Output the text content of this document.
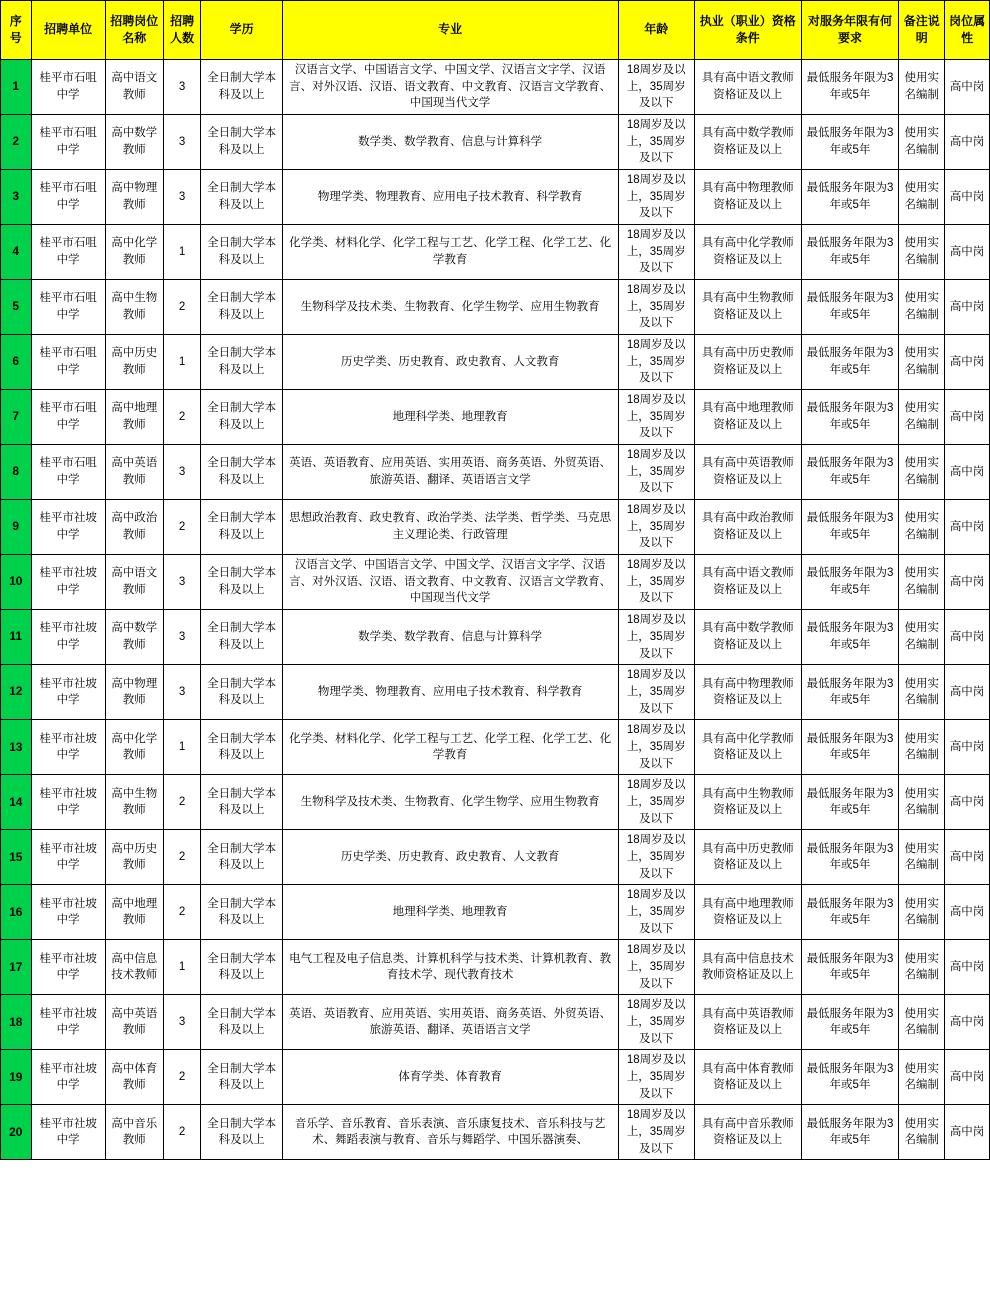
序号	招聘单位	招聘岗位名称	招聘人数	学历	专业	年龄	执业（职业）资格条件	对服务年限有何要求	备注说明	岗位属性
1	桂平市石咀中学	高中语文教师	3	全日制大学本科及以上	汉语言文学、中国语言文学、中国文学、汉语言文字学、汉语言、对外汉语、汉语、语文教育、中文教育、汉语言文学教育、中国现当代文学	18周岁及以上，35周岁及以下	具有高中语文教师资格证及以上	最低服务年限为3年或5年	使用实名编制	高中岗
2	桂平市石咀中学	高中数学教师	3	全日制大学本科及以上	数学类、数学教育、信息与计算科学	18周岁及以上，35周岁及以下	具有高中数学教师资格证及以上	最低服务年限为3年或5年	使用实名编制	高中岗
3	桂平市石咀中学	高中物理教师	3	全日制大学本科及以上	物理学类、物理教育、应用电子技术教育、科学教育	18周岁及以上，35周岁及以下	具有高中物理教师资格证及以上	最低服务年限为3年或5年	使用实名编制	高中岗
4	桂平市石咀中学	高中化学教师	1	全日制大学本科及以上	化学类、材料化学、化学工程与工艺、化学工程、化学工艺、化学教育	18周岁及以上，35周岁及以下	具有高中化学教师资格证及以上	最低服务年限为3年或5年	使用实名编制	高中岗
5	桂平市石咀中学	高中生物教师	2	全日制大学本科及以上	生物科学及技术类、生物教育、化学生物学、应用生物教育	18周岁及以上，35周岁及以下	具有高中生物教师资格证及以上	最低服务年限为3年或5年	使用实名编制	高中岗
6	桂平市石咀中学	高中历史教师	1	全日制大学本科及以上	历史学类、历史教育、政史教育、人文教育	18周岁及以上，35周岁及以下	具有高中历史教师资格证及以上	最低服务年限为3年或5年	使用实名编制	高中岗
7	桂平市石咀中学	高中地理教师	2	全日制大学本科及以上	地理科学类、地理教育	18周岁及以上，35周岁及以下	具有高中地理教师资格证及以上	最低服务年限为3年或5年	使用实名编制	高中岗
8	桂平市石咀中学	高中英语教师	3	全日制大学本科及以上	英语、英语教育、应用英语、实用英语、商务英语、外贸英语、旅游英语、翻译、英语语言文学	18周岁及以上，35周岁及以下	具有高中英语教师资格证及以上	最低服务年限为3年或5年	使用实名编制	高中岗
9	桂平市社坡中学	高中政治教师	2	全日制大学本科及以上	思想政治教育、政史教育、政治学类、法学类、哲学类、马克思主义理论类、行政管理	18周岁及以上，35周岁及以下	具有高中政治教师资格证及以上	最低服务年限为3年或5年	使用实名编制	高中岗
10	桂平市社坡中学	高中语文教师	3	全日制大学本科及以上	汉语言文学、中国语言文学、中国文学、汉语言文字学、汉语言、对外汉语、汉语、语文教育、中文教育、汉语言文学教育、中国现当代文学	18周岁及以上，35周岁及以下	具有高中语文教师资格证及以上	最低服务年限为3年或5年	使用实名编制	高中岗
11	桂平市社坡中学	高中数学教师	3	全日制大学本科及以上	数学类、数学教育、信息与计算科学	18周岁及以上，35周岁及以下	具有高中数学教师资格证及以上	最低服务年限为3年或5年	使用实名编制	高中岗
12	桂平市社坡中学	高中物理教师	3	全日制大学本科及以上	物理学类、物理教育、应用电子技术教育、科学教育	18周岁及以上，35周岁及以下	具有高中物理教师资格证及以上	最低服务年限为3年或5年	使用实名编制	高中岗
13	桂平市社坡中学	高中化学教师	1	全日制大学本科及以上	化学类、材料化学、化学工程与工艺、化学工程、化学工艺、化学教育	18周岁及以上，35周岁及以下	具有高中化学教师资格证及以上	最低服务年限为3年或5年	使用实名编制	高中岗
14	桂平市社坡中学	高中生物教师	2	全日制大学本科及以上	生物科学及技术类、生物教育、化学生物学、应用生物教育	18周岁及以上，35周岁及以下	具有高中生物教师资格证及以上	最低服务年限为3年或5年	使用实名编制	高中岗
15	桂平市社坡中学	高中历史教师	2	全日制大学本科及以上	历史学类、历史教育、政史教育、人文教育	18周岁及以上，35周岁及以下	具有高中历史教师资格证及以上	最低服务年限为3年或5年	使用实名编制	高中岗
16	桂平市社坡中学	高中地理教师	2	全日制大学本科及以上	地理科学类、地理教育	18周岁及以上，35周岁及以下	具有高中地理教师资格证及以上	最低服务年限为3年或5年	使用实名编制	高中岗
17	桂平市社坡中学	高中信息技术教师	1	全日制大学本科及以上	电气工程及电子信息类、计算机科学与技术类、计算机教育、教育技术学、现代教育技术	18周岁及以上，35周岁及以下	具有高中信息技术教师资格证及以上	最低服务年限为3年或5年	使用实名编制	高中岗
18	桂平市社坡中学	高中英语教师	3	全日制大学本科及以上	英语、英语教育、应用英语、实用英语、商务英语、外贸英语、旅游英语、翻译、英语语言文学	18周岁及以上，35周岁及以下	具有高中英语教师资格证及以上	最低服务年限为3年或5年	使用实名编制	高中岗
19	桂平市社坡中学	高中体育教师	2	全日制大学本科及以上	体育学类、体育教育	18周岁及以上，35周岁及以下	具有高中体育教师资格证及以上	最低服务年限为3年或5年	使用实名编制	高中岗
20	桂平市社坡中学	高中音乐教师	2	全日制大学本科及以上	音乐学、音乐教育、音乐表演、音乐康复技术、音乐科技与艺术、舞蹈表演与教育、音乐与舞蹈学、中国乐器演奏、	18周岁及以上，35周岁及以下	具有高中音乐教师资格证及以上	最低服务年限为3年或5年	使用实名编制	高中岗
